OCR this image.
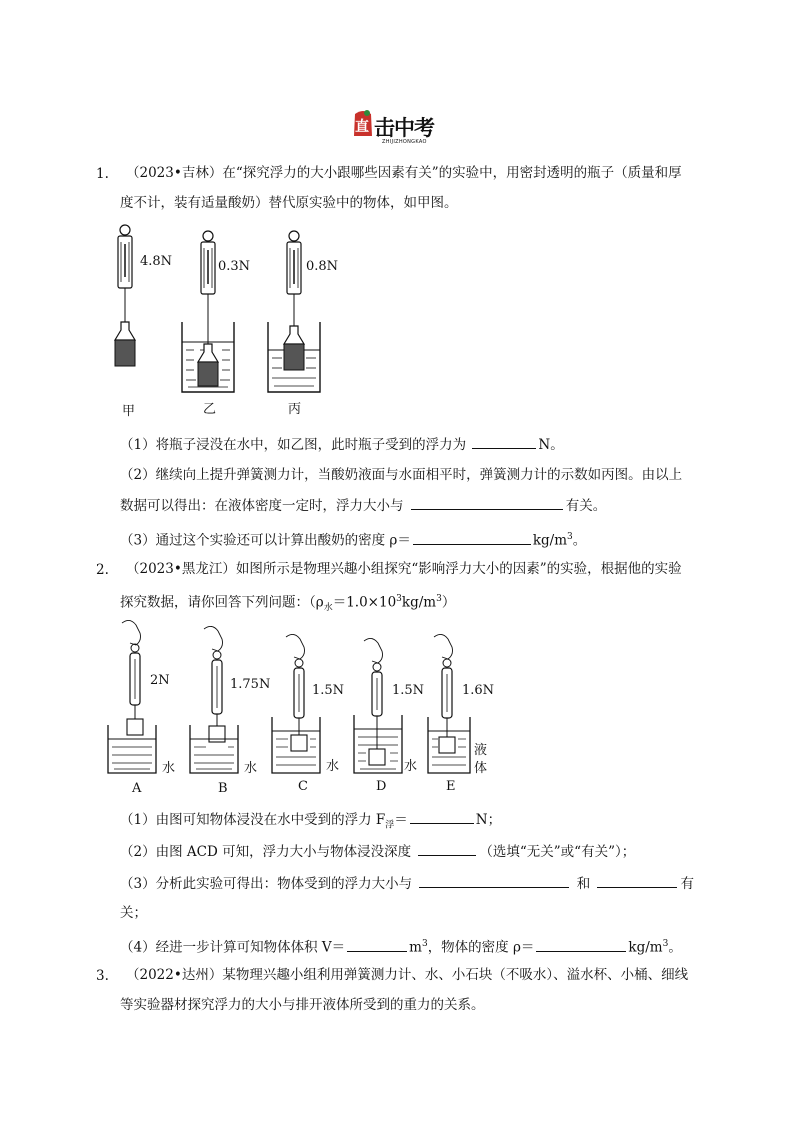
直 击中考
ZHIJIZHONGKAO
1. （2023•吉林）在“探究浮力的大小跟哪些因素有关”的实验中，用密封透明的瓶子（质量和厚
度不计，装有适量酸奶）替代原实验中的物体，如甲图。
4.8N	0.3N	0.8N
甲	乙	丙
（1）将瓶子浸没在水中，如乙图，此时瓶子受到的浮力为	N。
（2）继续向上提升弹簧测力计，当酸奶液面与水面相平时，弹簧测力计的示数如丙图。由以上
数据可以得出：在液体密度一定时，浮力大小与	有关。
（3）通过这个实验还可以计算出酸奶的密度 ρ＝	$kg/m^3$。
2. （2023•黑龙江）如图所示是物理兴趣小组探究“影响浮力大小的因素”的实验，根据他的实验
探究数据，请你回答下列问题：$(\rho_水=1.0\times 10^3kg/m^3)$
2N	1.75N	1.5N	1.5N	1.6N
水	水	水	水
液
体
A	B	C	D	E
（1）由图可知物体浸没在水中受到的浮力 $F_浮=$	N；
（2）由图 ACD 可知，浮力大小与物体浸没深度	（选填“无关”或“有关”）；
（3）分析此实验可得出：物体受到的浮力大小与	和	有
关；
（4）经进一步计算可知物体体积 V＝	$m^3$，物体的密度 ρ＝	$kg/m^3$。
3. （2022•达州）某物理兴趣小组利用弹簧测力计、水、小石块（不吸水）、溢水杯、小桶、细线
等实验器材探究浮力的大小与排开液体所受到的重力的关系。
